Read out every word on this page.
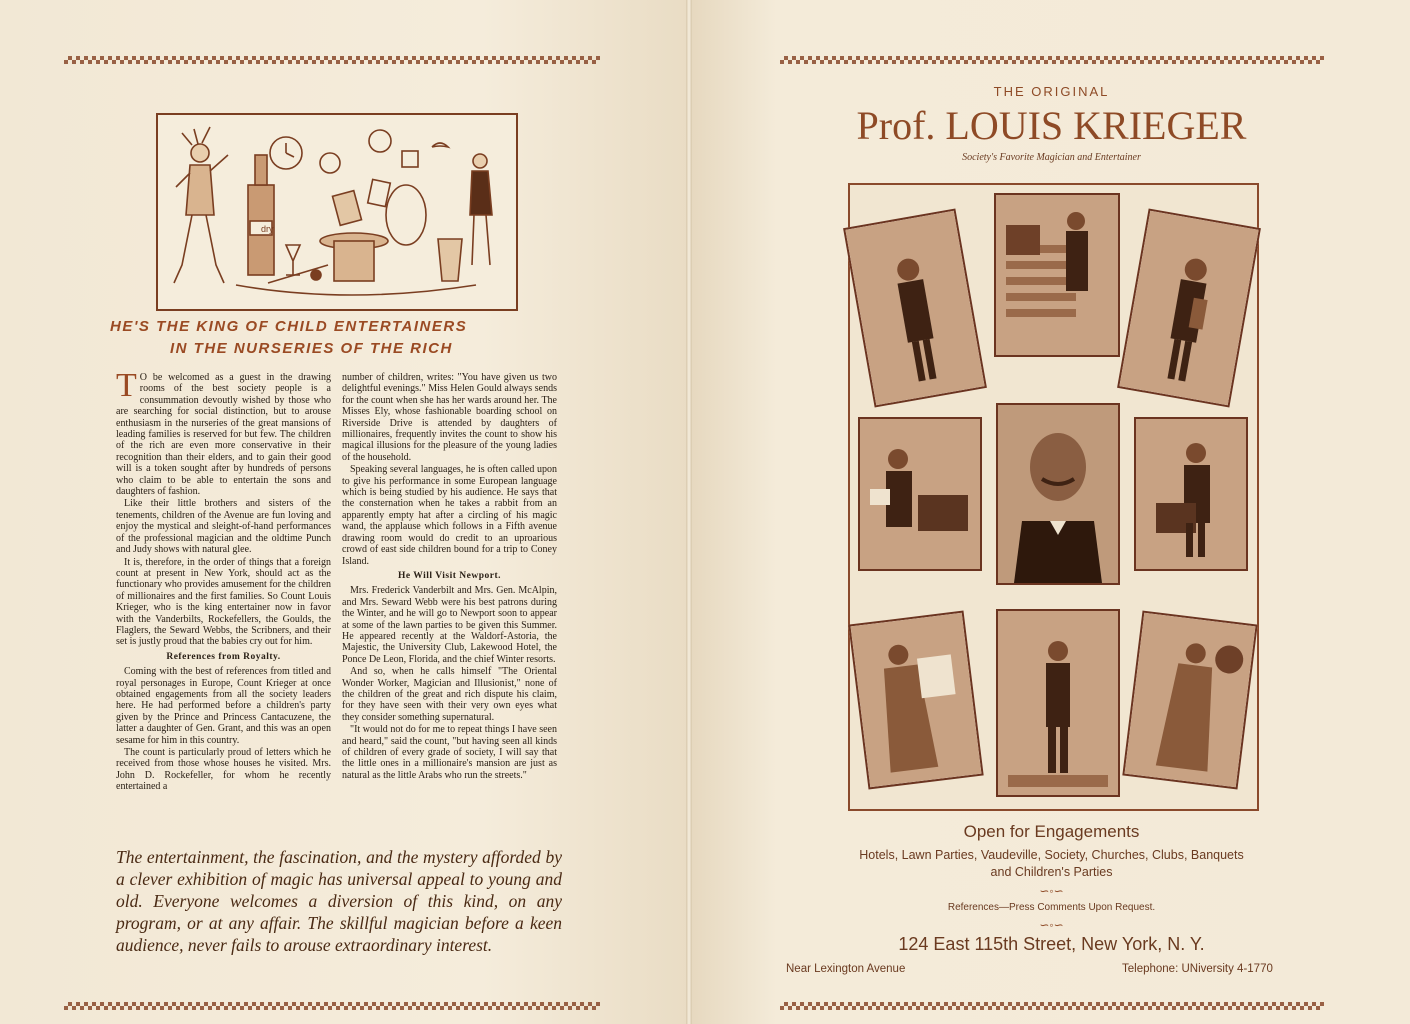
dry
HE'S THE KING OF CHILD ENTERTAINERS
IN THE NURSERIES OF THE RICH

T O be welcomed as a guest in the drawing rooms of the best society people is a consummation devoutly wished by those who are searching for social distinction, but to arouse enthusiasm in the nurseries of the great mansions of leading families is reserved for but few. The children of the rich are even more conservative in their recognition than their elders, and to gain their good will is a token sought after by hundreds of persons who claim to be able to entertain the sons and daughters of fashion.

Like their little brothers and sisters of the tenements, children of the Avenue are fun loving and enjoy the mystical and sleight-of-hand performances of the professional magician and the oldtime Punch and Judy shows with natural glee.

It is, therefore, in the order of things that a foreign count at present in New York, should act as the functionary who provides amusement for the children of millionaires and the first families. So Count Louis Krieger, who is the king entertainer now in favor with the Vanderbilts, Rockefellers, the Goulds, the Flaglers, the Seward Webbs, the Scribners, and their set is justly proud that the babies cry out for him.

References from Royalty.

Coming with the best of references from titled and royal personages in Europe, Count Krieger at once obtained engagements from all the society leaders here. He had performed before a children's party given by the Prince and Princess Cantacuzene, the latter a daughter of Gen. Grant, and this was an open sesame for him in this country.

The count is particularly proud of letters which he received from those whose houses he visited. Mrs. John D. Rockefeller, for whom he recently entertained a

number of children, writes: "You have given us two delightful evenings." Miss Helen Gould always sends for the count when she has her wards around her. The Misses Ely, whose fashionable boarding school on Riverside Drive is attended by daughters of millionaires, frequently invites the count to show his magical illusions for the pleasure of the young ladies of the household.

Speaking several languages, he is often called upon to give his performance in some European language which is being studied by his audience. He says that the consternation when he takes a rabbit from an apparently empty hat after a circling of his magic wand, the applause which follows in a Fifth avenue drawing room would do credit to an uproarious crowd of east side children bound for a trip to Coney Island.

He Will Visit Newport.

Mrs. Frederick Vanderbilt and Mrs. Gen. McAlpin, and Mrs. Seward Webb were his best patrons during the Winter, and he will go to Newport soon to appear at some of the lawn parties to be given this Summer. He appeared recently at the Waldorf-Astoria, the Majestic, the University Club, Lakewood Hotel, the Ponce De Leon, Florida, and the chief Winter resorts.

And so, when he calls himself "The Oriental Wonder Worker, Magician and Illusionist," none of the children of the great and rich dispute his claim, for they have seen with their very own eyes what they consider something supernatural.

"It would not do for me to repeat things I have seen and heard," said the count, "but having seen all kinds of children of every grade of society, I will say that the little ones in a millionaire's mansion are just as natural as the little Arabs who run the streets."

The entertainment, the fascination, and the mystery afforded by a clever exhibition of magic has universal appeal to young and old. Everyone welcomes a diversion of this kind, on any program, or at any affair. The skillful magician before a keen audience, never fails to arouse extraordinary interest.
THE ORIGINAL
Prof. LOUIS KRIEGER
Society's Favorite Magician and Entertainer
Open for Engagements
Hotels, Lawn Parties, Vaudeville, Society, Churches, Clubs, Banquets
and Children's Parties
∽◦∽
References—Press Comments Upon Request.
∽◦∽
124 East 115th Street, New York, N. Y.
Near Lexington Avenue	Telephone: UNiversity 4-1770
